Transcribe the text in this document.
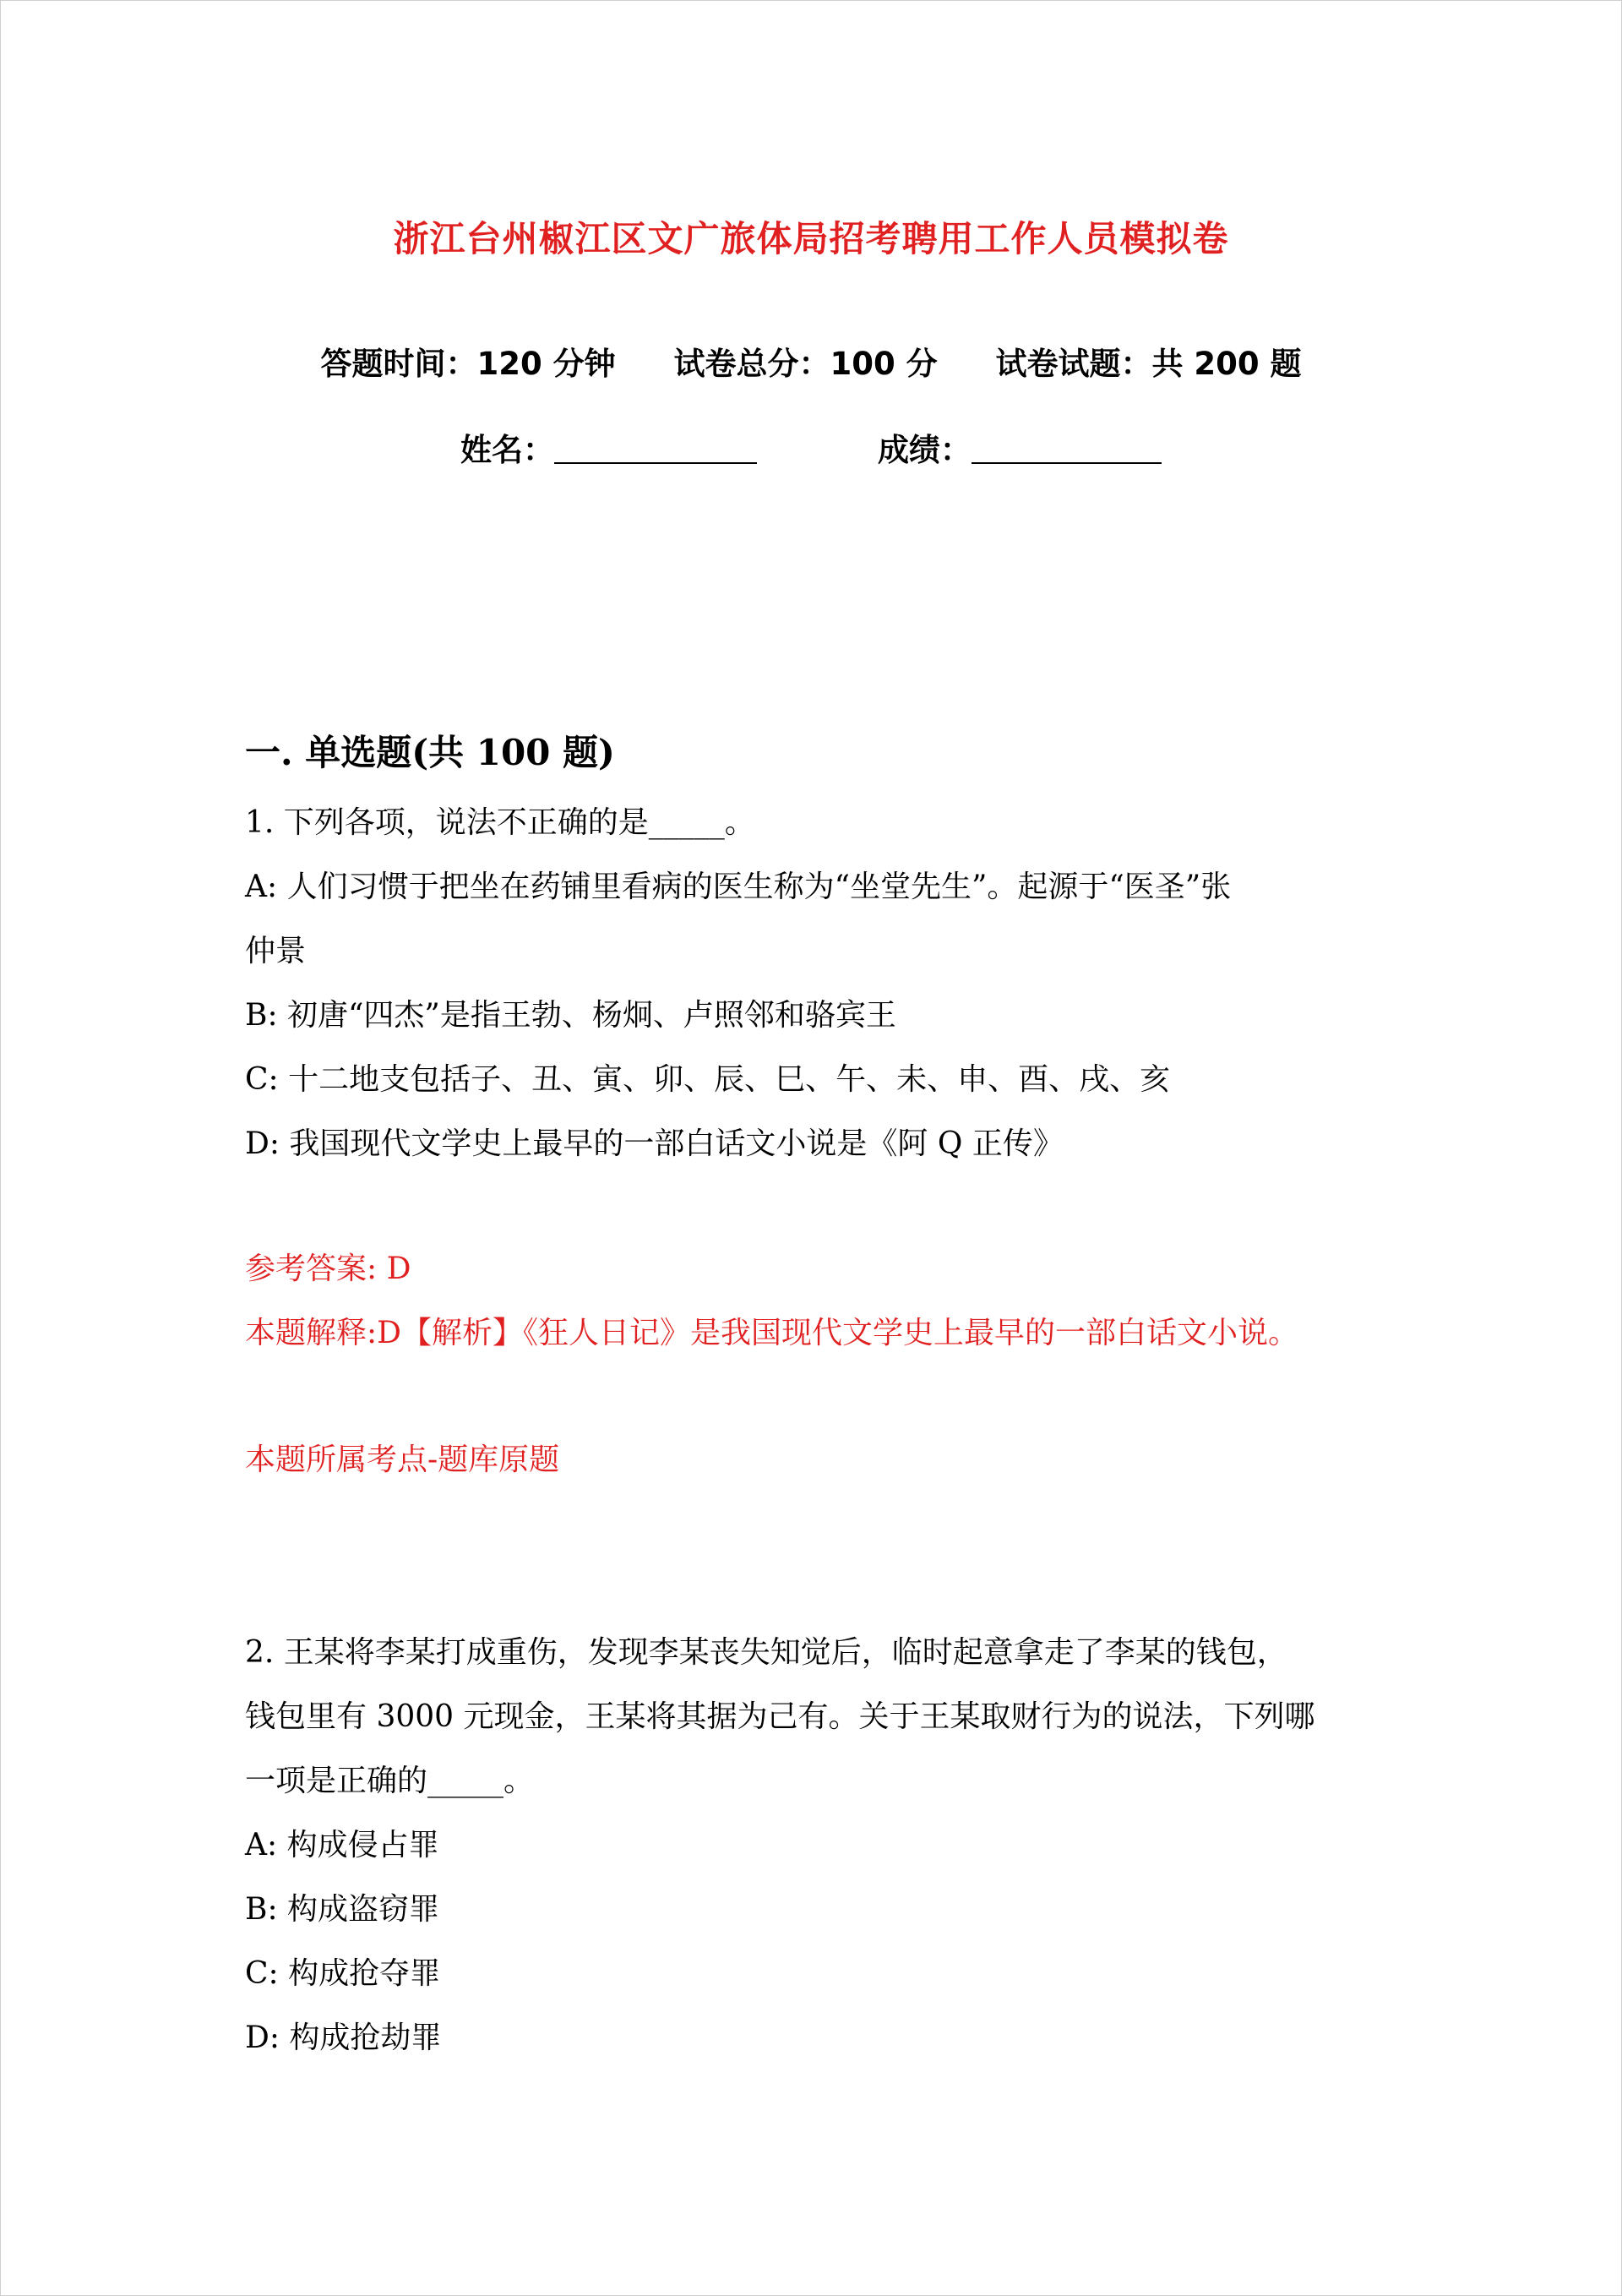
浙江台州椒江区文广旅体局招考聘用工作人员模拟卷
答题时间：120 分钟 试卷总分：100 分 试卷试题：共 200 题
姓名：	成绩：
一. 单选题(共 100 题)

1. 下列各项，说法不正确的是_____。

A: 人们习惯于把坐在药铺里看病的医生称为“坐堂先生”。起源于“医圣”张

仲景

B: 初唐“四杰”是指王勃、杨炯、卢照邻和骆宾王

C: 十二地支包括子、丑、寅、卯、辰、巳、午、未、申、酉、戌、亥

D: 我国现代文学史上最早的一部白话文小说是《阿 Q 正传》

参考答案: D
本题解释:D【解析】《狂人日记》是我国现代文学史上最早的一部白话文小说。
本题所属考点-题库原题

2. 王某将李某打成重伤，发现李某丧失知觉后，临时起意拿走了李某的钱包，

钱包里有 3000 元现金，王某将其据为己有。关于王某取财行为的说法，下列哪

一项是正确的_____。

A: 构成侵占罪

B: 构成盗窃罪

C: 构成抢夺罪

D: 构成抢劫罪
